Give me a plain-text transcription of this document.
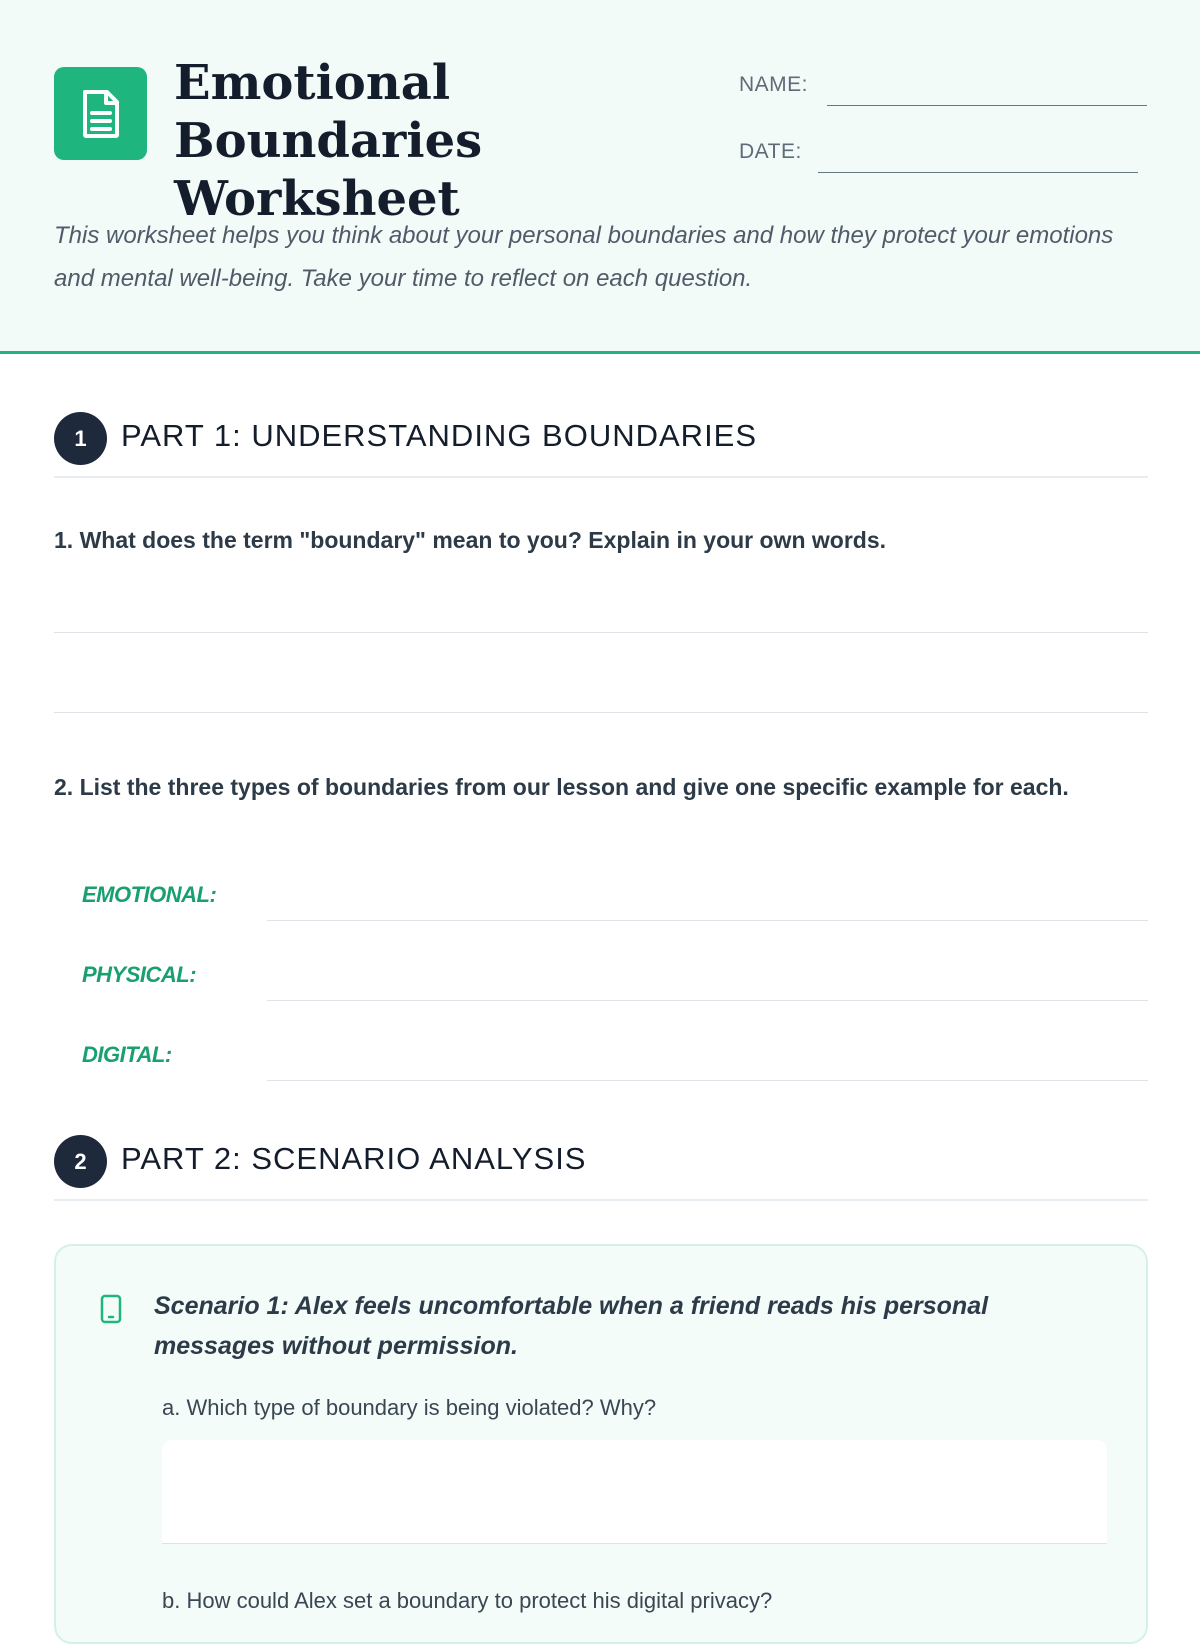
Emotional Boundaries Worksheet
NAME:
DATE:

This worksheet helps you think about your personal boundaries and how they protect your emotions and mental well-being. Take your time to reflect on each question.

1	PART 1: UNDERSTANDING BOUNDARIES

1. What does the term "boundary" mean to you? Explain in your own words.

2. List the three types of boundaries from our lesson and give one specific example for each.

EMOTIONAL:
PHYSICAL:
DIGITAL:
2	PART 2: SCENARIO ANALYSIS

Scenario 1: Alex feels uncomfortable when a friend reads his personal messages without permission.

a. Which type of boundary is being violated? Why?
b. How could Alex set a boundary to protect his digital privacy?
